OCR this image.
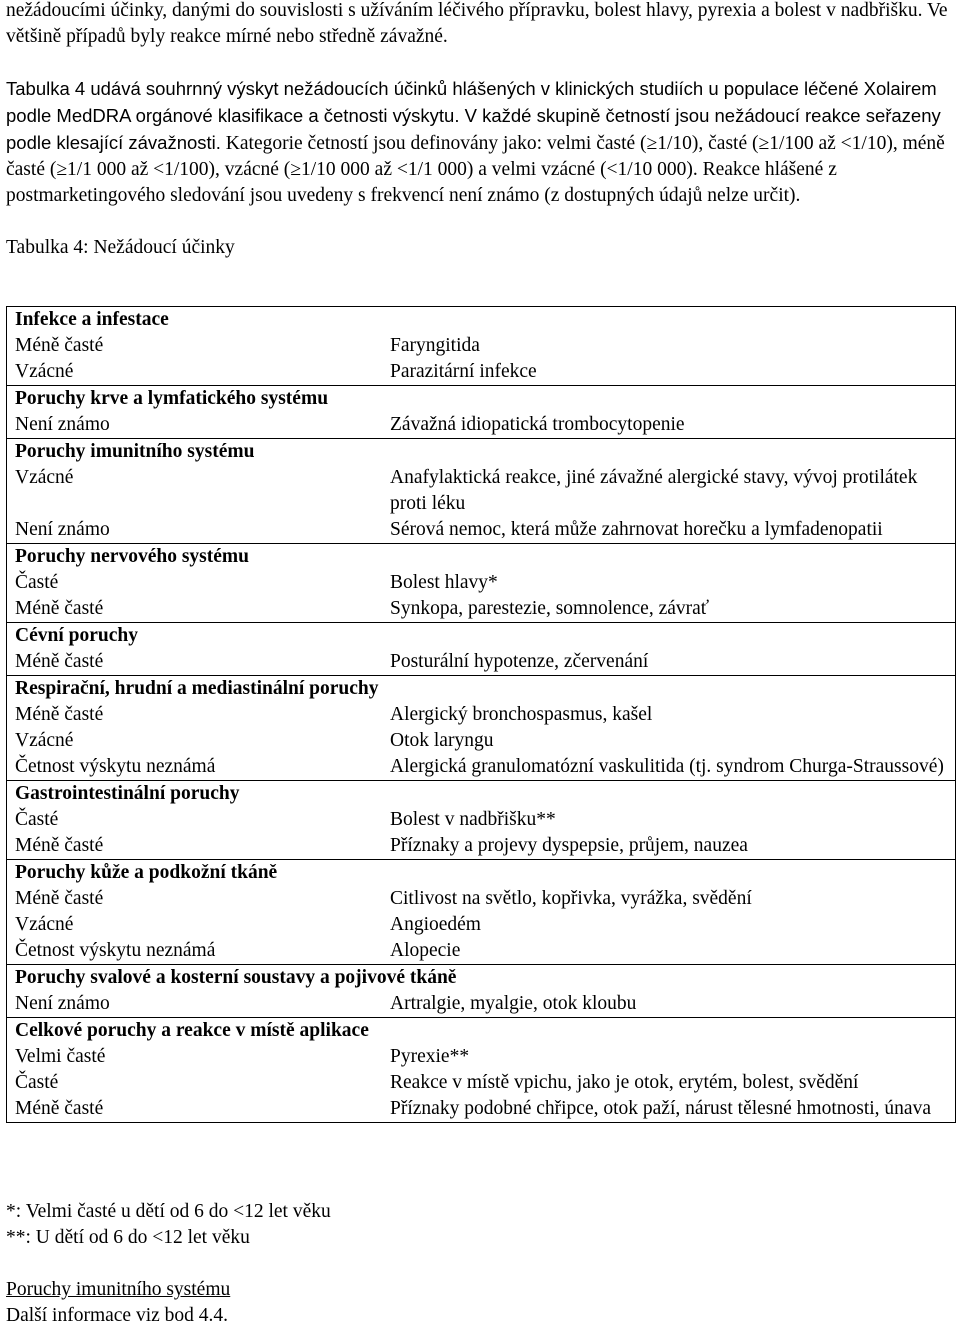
nežádoucími účinky, danými do souvislosti s užíváním léčivého přípravku, bolest hlavy, pyrexia a bolest v nadbřišku. Ve většině případů byly reakce mírné nebo středně závažné.

Tabulka 4 udává souhrnný výskyt nežádoucích účinků hlášených v klinických studiích u populace léčené Xolairem podle MedDRA orgánové klasifikace a četnosti výskytu. V každé skupině četností jsou nežádoucí reakce seřazeny podle klesající závažnosti. Kategorie četností jsou definovány jako: velmi časté (≥1/10), časté (≥1/100 až <1/10), méně časté (≥1/1 000 až <1/100), vzácné (≥1/10 000 až <1/1 000) a velmi vzácné (<1/10 000). Reakce hlášené z postmarketingového sledování jsou uvedeny s frekvencí není známo (z dostupných údajů nelze určit).

Tabulka 4: Nežádoucí účinky

Infekce a infestace
Méně časté	Faryngitida
Vzácné	Parazitární infekce
Poruchy krve a lymfatického systému
Není známo	Závažná idiopatická trombocytopenie
Poruchy imunitního systému
Vzácné	Anafylaktická reakce, jiné závažné alergické stavy, vývoj protilátek proti léku
Není známo	Sérová nemoc, která může zahrnovat horečku a lymfadenopatii
Poruchy nervového systému
Časté	Bolest hlavy*
Méně časté	Synkopa, parestezie, somnolence, závrať
Cévní poruchy
Méně časté	Posturální hypotenze, zčervenání
Respirační, hrudní a mediastinální poruchy
Méně časté	Alergický bronchospasmus, kašel
Vzácné	Otok laryngu
Četnost výskytu neznámá	Alergická granulomatózní vaskulitida (tj. syndrom Churga-Straussové)
Gastrointestinální poruchy
Časté	Bolest v nadbřišku**
Méně časté	Příznaky a projevy dyspepsie, průjem, nauzea
Poruchy kůže a podkožní tkáně
Méně časté	Citlivost na světlo, kopřivka, vyrážka, svědění
Vzácné	Angioedém
Četnost výskytu neznámá	Alopecie
Poruchy svalové a kosterní soustavy a pojivové tkáně
Není známo	Artralgie, myalgie, otok kloubu
Celkové poruchy a reakce v místě aplikace
Velmi časté	Pyrexie**
Časté	Reakce v místě vpichu, jako je otok, erytém, bolest, svědění
Méně časté	Příznaky podobné chřipce, otok paží, nárust tělesné hmotnosti, únava
*: Velmi časté u dětí od 6 do <12 let věku
**: U dětí od 6 do <12 let věku
Poruchy imunitního systému
Další informace viz bod 4.4.
